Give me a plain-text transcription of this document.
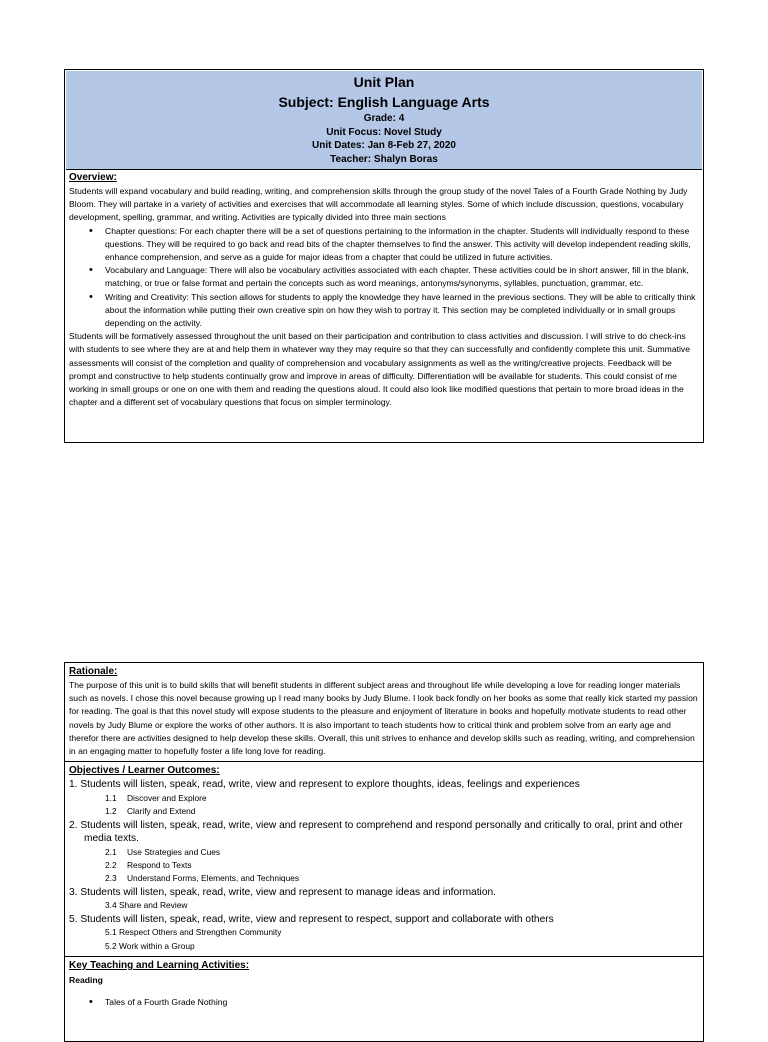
Unit Plan
Subject: English Language Arts
Grade: 4
Unit Focus: Novel Study
Unit Dates: Jan 8-Feb 27, 2020
Teacher: Shalyn Boras
Overview:

Students will expand vocabulary and build reading, writing, and comprehension skills through the group study of the novel Tales of a Fourth Grade Nothing by Judy Bloom. They will partake in a variety of activities and exercises that will accommodate all learning styles. Some of which include discussion, questions, vocabulary development, spelling, grammar, and writing. Activities are typically divided into three main sections

• Chapter questions: For each chapter there will be a set of questions pertaining to the information in the chapter. Students will individually respond to these questions. They will be required to go back and read bits of the chapter themselves to find the answer. This activity will develop independent reading skills, enhance comprehension, and serve as a guide for major ideas from a chapter that could be utilized in future activities.
• Vocabulary and Language: There will also be vocabulary activities associated with each chapter. These activities could be in short answer, fill in the blank, matching, or true or false format and pertain the concepts such as word meanings, antonyms/synonyms, syllables, punctuation, grammar, etc.
• Writing and Creativity: This section allows for students to apply the knowledge they have learned in the previous sections. They will be able to critically think about the information while putting their own creative spin on how they wish to portray it. This section may be completed individually or in small groups depending on the activity.

Students will be formatively assessed throughout the unit based on their participation and contribution to class activities and discussion. I will strive to do check-ins with students to see where they are at and help them in whatever way they may require so that they can successfully and confidently complete this unit. Summative assessments will consist of the completion and quality of comprehension and vocabulary assignments as well as the writing/creative projects. Feedback will be prompt and constructive to help students continually grow and improve in areas of difficulty. Differentiation will be available for students. This could consist of me working in small groups or one on one with them and reading the questions aloud. It could also look like modified questions that pertain to more broad ideas in the chapter and a different set of vocabulary questions that focus on simpler terminology.

Rationale:

The purpose of this unit is to build skills that will benefit students in different subject areas and throughout life while developing a love for reading longer materials such as novels. I chose this novel because growing up I read many books by Judy Blume. I look back fondly on her books as some that really kick started my passion for reading. The goal is that this novel study will expose students to the pleasure and enjoyment of literature in books and hopefully motivate students to read other novels by Judy Blume or explore the works of other authors. It is also important to teach students how to critical think and problem solve from an early age and therefor there are activities designed to help develop these skills. Overall, this unit strives to enhance and develop skills such as reading, writing, and comprehension in an engaging matter to hopefully foster a life long love for reading.

Objectives / Learner Outcomes:
1. Students will listen, speak, read, write, view and represent to explore thoughts, ideas, feelings and experiences
1.1 Discover and Explore
1.2 Clarify and Extend
2. Students will listen, speak, read, write, view and represent to comprehend and respond personally and critically to oral, print and other media texts.
2.1 Use Strategies and Cues
2.2 Respond to Texts
2.3 Understand Forms, Elements, and Techniques
3. Students will listen, speak, read, write, view and represent to manage ideas and information.
3.4 Share and Review
5. Students will listen, speak, read, write, view and represent to respect, support and collaborate with others
5.1 Respect Others and Strengthen Community
5.2 Work within a Group
Key Teaching and Learning Activities:
Reading
• Tales of a Fourth Grade Nothing
